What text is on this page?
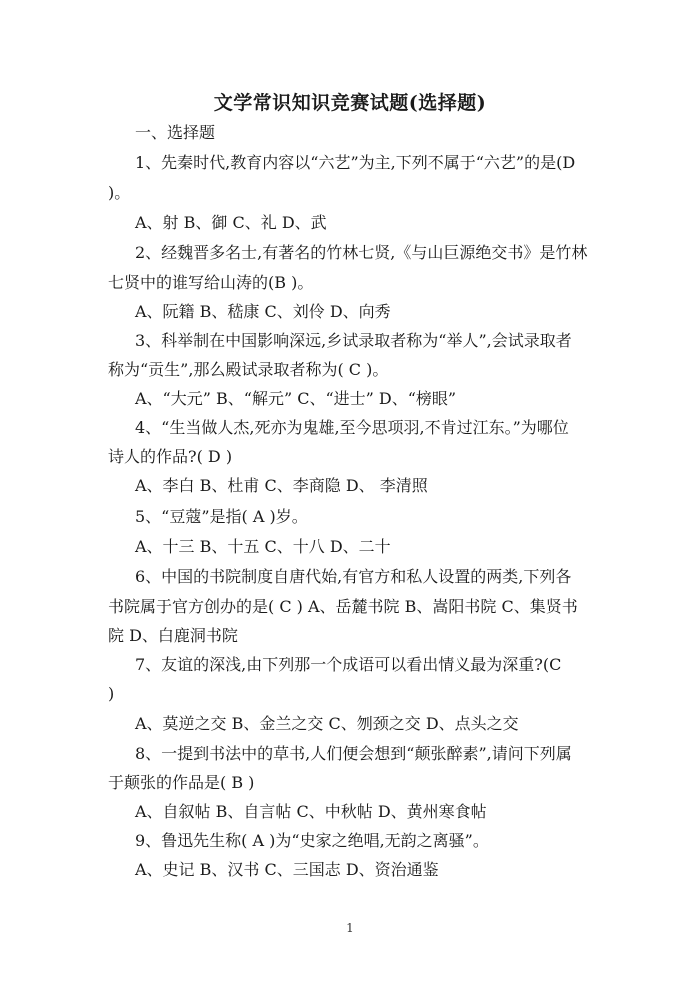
文学常识知识竞赛试题(选择题)
一、选择题
1、先秦时代,教育内容以“六艺”为主,下列不属于“六艺”的是(D
)。
A、射 B、御 C、礼 D、武
2、经魏晋多名士,有著名的竹林七贤,《与山巨源绝交书》是竹林
七贤中的谁写给山涛的(B )。
A、阮籍 B、嵇康 C、刘伶 D、向秀
3、科举制在中国影响深远,乡试录取者称为“举人”,会试录取者
称为“贡生”,那么殿试录取者称为( C )。
A、“大元” B、“解元” C、“进士” D、“榜眼”
4、“生当做人杰,死亦为鬼雄,至今思项羽,不肯过江东。”为哪位
诗人的作品?( D )
A、李白 B、杜甫 C、李商隐 D、 李清照
5、“豆蔻”是指( A )岁。
A、十三 B、十五 C、十八 D、二十
6、中国的书院制度自唐代始,有官方和私人设置的两类,下列各
书院属于官方创办的是( C ) A、岳麓书院 B、嵩阳书院 C、集贤书
院 D、白鹿洞书院
7、友谊的深浅,由下列那一个成语可以看出情义最为深重?(C
)
A、莫逆之交 B、金兰之交 C、刎颈之交 D、点头之交
8、一提到书法中的草书,人们便会想到“颠张醉素”,请问下列属
于颠张的作品是( B )
A、自叙帖 B、自言帖 C、中秋帖 D、黄州寒食帖
9、鲁迅先生称( A )为“史家之绝唱,无韵之离骚”。
A、史记 B、汉书 C、三国志 D、资治通鉴
1
